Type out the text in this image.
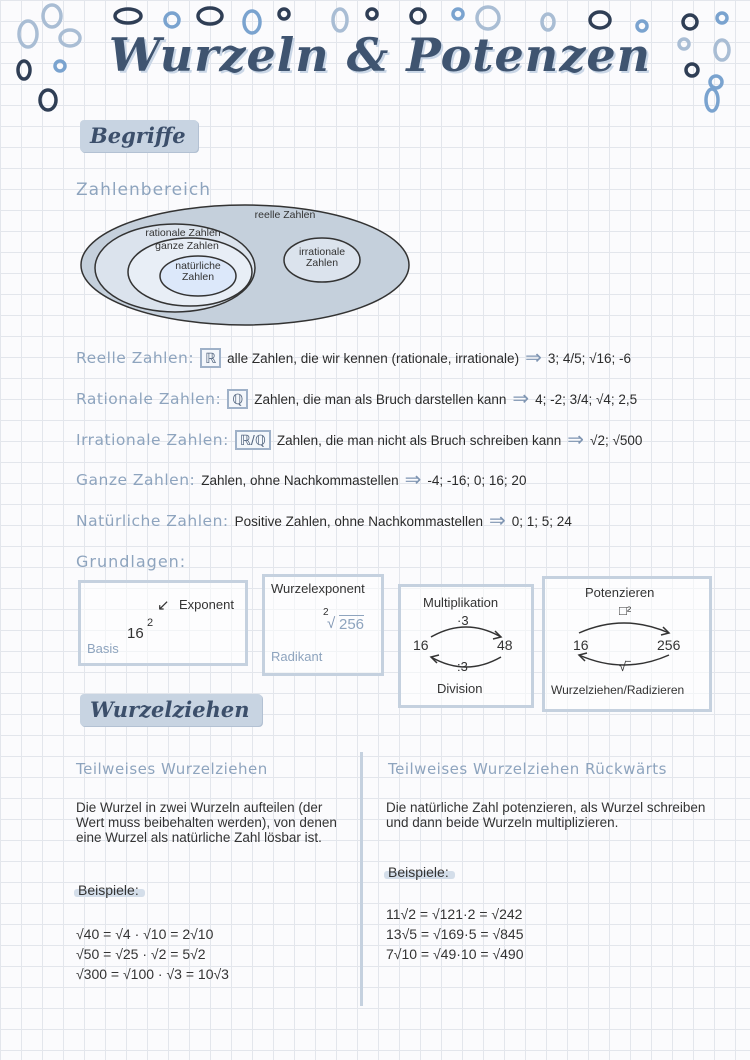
Wurzeln & Potenzen
Begriffe
Zahlenbereich
reelle Zahlen
rationale Zahlen
ganze Zahlen
natürliche
Zahlen
irrationale
Zahlen
Reelle Zahlen: ℝ alle Zahlen, die wir kennen (rationale, irrationale) ⇒ 3; 4/5; √16; -6
Rationale Zahlen: ℚ Zahlen, die man als Bruch darstellen kann ⇒ 4; -2; 3/4; √4; 2,5
Irrationale Zahlen: ℝ/ℚ Zahlen, die man nicht als Bruch schreiben kann ⇒ √2; √500
Ganze Zahlen: Zahlen, ohne Nachkommastellen ⇒ -4; -16; 0; 16; 20
Natürliche Zahlen: Positive Zahlen, ohne Nachkommastellen ⇒ 0; 1; 5; 24
Grundlagen:
16
2
↙ Exponent
Basis
Wurzelexponent
2
√ 256
Radikant
Multiplikation
·3
16	48
:3
Division
Potenzieren
□²
16	256
√‾
Wurzelziehen/Radizieren
Wurzelziehen
Teilweises Wurzelziehen
Die Wurzel in zwei Wurzeln aufteilen (der Wert muss beibehalten werden), von denen eine Wurzel als natürliche Zahl lösbar ist.
Beispiele:
√40 = √4 · √10 = 2√10
√50 = √25 · √2 = 5√2
√300 = √100 · √3 = 10√3
Teilweises Wurzelziehen Rückwärts
Die natürliche Zahl potenzieren, als Wurzel schreiben und dann beide Wurzeln multiplizieren.
Beispiele:
11√2 = √121·2 = √242
13√5 = √169·5 = √845
7√10 = √49·10 = √490
